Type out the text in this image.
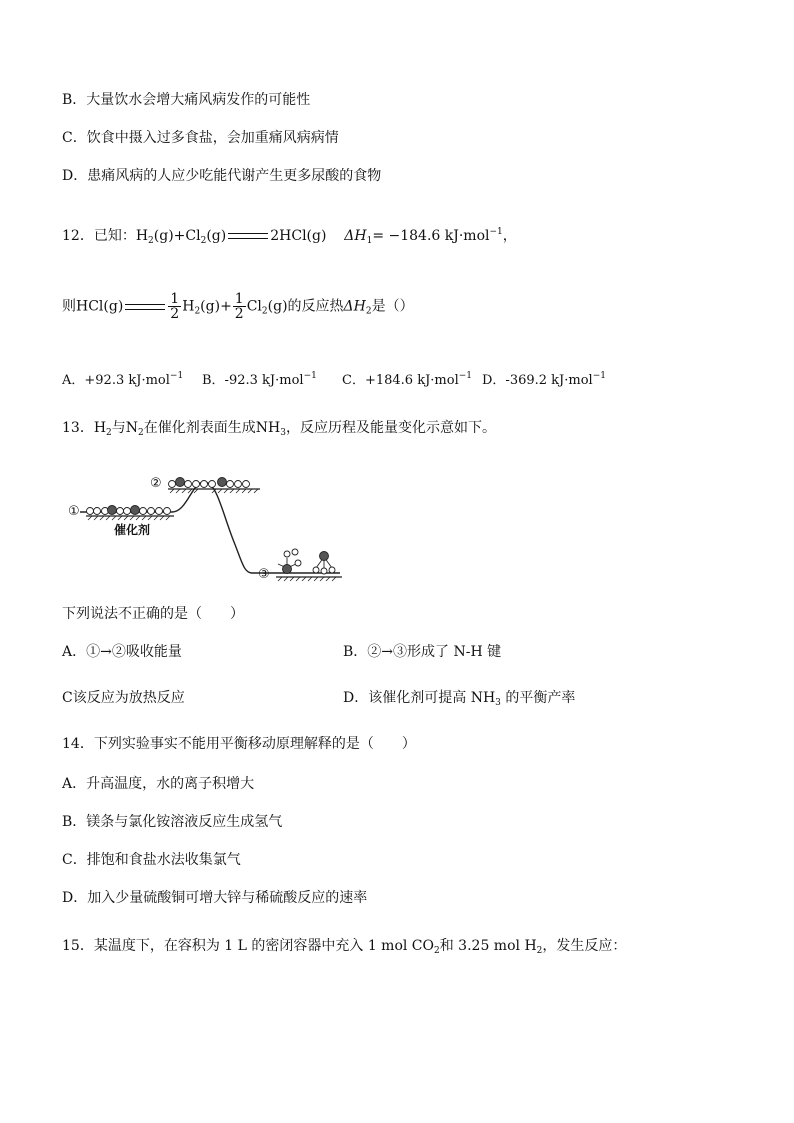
B．大量饮水会增大痛风病发作的可能性
C．饮食中摄入过多食盐，会加重痛风病病情
D．患痛风病的人应少吃能代谢产生更多尿酸的食物
12．已知：$H_2(g)+Cl_2(g)$	2HCl(g) $\Delta H_1= -184.6$ kJ·mol$^{-1}$，
则HCl(g)	$\frac{1}{2} H_2(g)+ \frac{1}{2} Cl_2(g)$的反应热$\Delta H_2$是（）
A．+92.3 kJ·mol$^{-1}$ B．-92.3 kJ·mol$^{-1}$ C．+184.6 kJ·mol$^{-1}$ D．-369.2 kJ·mol$^{-1}$
13．$H_2$与$N_2$在催化剂表面生成$NH_3$，反应历程及能量变化示意如下。
①
②
③
催化剂
下列说法不正确的是（　　）
A．①→②吸收能量	B．②→③形成了 N-H 键
C该反应为放热反应	D．该催化剂可提高 $NH_3$ 的平衡产率
14．下列实验事实不能用平衡移动原理解释的是（　　）
A．升高温度，水的离子积增大
B．镁条与氯化铵溶液反应生成氢气
C．排饱和食盐水法收集氯气
D．加入少量硫酸铜可增大锌与稀硫酸反应的速率
15．某温度下，在容积为 1 L 的密闭容器中充入 1 mol $CO_2$和 3.25 mol $H_2$，发生反应：
